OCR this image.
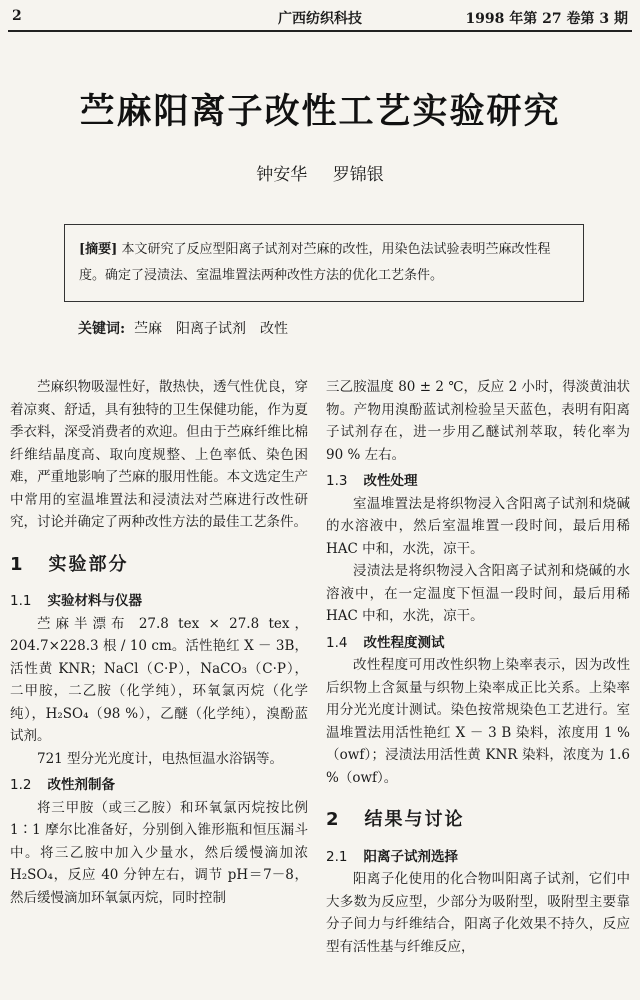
2	广西纺织科技	1998 年第 27 卷第 3 期
苎麻阳离子改性工艺实验研究
钟安华 罗锦银
[摘要] 本文研究了反应型阳离子试剂对苎麻的改性，用染色法试验表明苎麻改性程度。确定了浸渍法、室温堆置法两种改性方法的优化工艺条件。
关键词: 苎麻　阳离子试剂　改性

苎麻织物吸湿性好，散热快，透气性优良，穿着凉爽、舒适，具有独特的卫生保健功能，作为夏季衣料，深受消费者的欢迎。但由于苎麻纤维比棉纤维结晶度高、取向度规整、上色率低、染色困难，严重地影响了苎麻的服用性能。本文选定生产中常用的室温堆置法和浸渍法对苎麻进行改性研究，讨论并确定了两种改性方法的最佳工艺条件。

1 实验部分
1.1 实验材料与仪器

苎麻半漂布 27.8 tex × 27.8 tex，204.7×228.3 根 / 10 cm。活性艳红 X － 3B，活性黄 KNR；NaCl（C·P），NaCO₃（C·P），二甲胺，二乙胺（化学纯），环氧氯丙烷（化学纯），H₂SO₄（98 %），乙醚（化学纯），溴酚蓝试剂。

721 型分光光度计，电热恒温水浴锅等。

1.2 改性剂制备

将三甲胺（或三乙胺）和环氧氯丙烷按比例 1∶1 摩尔比准备好，分别倒入锥形瓶和恒压漏斗中。将三乙胺中加入少量水，然后缓慢滴加浓 H₂SO₄，反应 40 分钟左右，调节 pH＝7－8，然后缓慢滴加环氧氯丙烷，同时控制

三乙胺温度 80 ± 2 ℃，反应 2 小时，得淡黄油状物。产物用溴酚蓝试剂检验呈天蓝色，表明有阳离子试剂存在，进一步用乙醚试剂萃取，转化率为 90 % 左右。

1.3 改性处理

室温堆置法是将织物浸入含阳离子试剂和烧碱的水溶液中，然后室温堆置一段时间，最后用稀 HAC 中和，水洗，凉干。

浸渍法是将织物浸入含阳离子试剂和烧碱的水溶液中，在一定温度下恒温一段时间，最后用稀 HAC 中和，水洗，凉干。

1.4 改性程度测试

改性程度可用改性织物上染率表示，因为改性后织物上含氮量与织物上染率成正比关系。上染率用分光光度计测试。染色按常规染色工艺进行。室温堆置法用活性艳红 X － 3 B 染料，浓度用 1 %（owf）；浸渍法用活性黄 KNR 染料，浓度为 1.6 %（owf）。

2 结果与讨论
2.1 阳离子试剂选择

阳离子化使用的化合物叫阳离子试剂，它们中大多数为反应型，少部分为吸附型，吸附型主要靠分子间力与纤维结合，阳离子化效果不持久，反应型有活性基与纤维反应，
